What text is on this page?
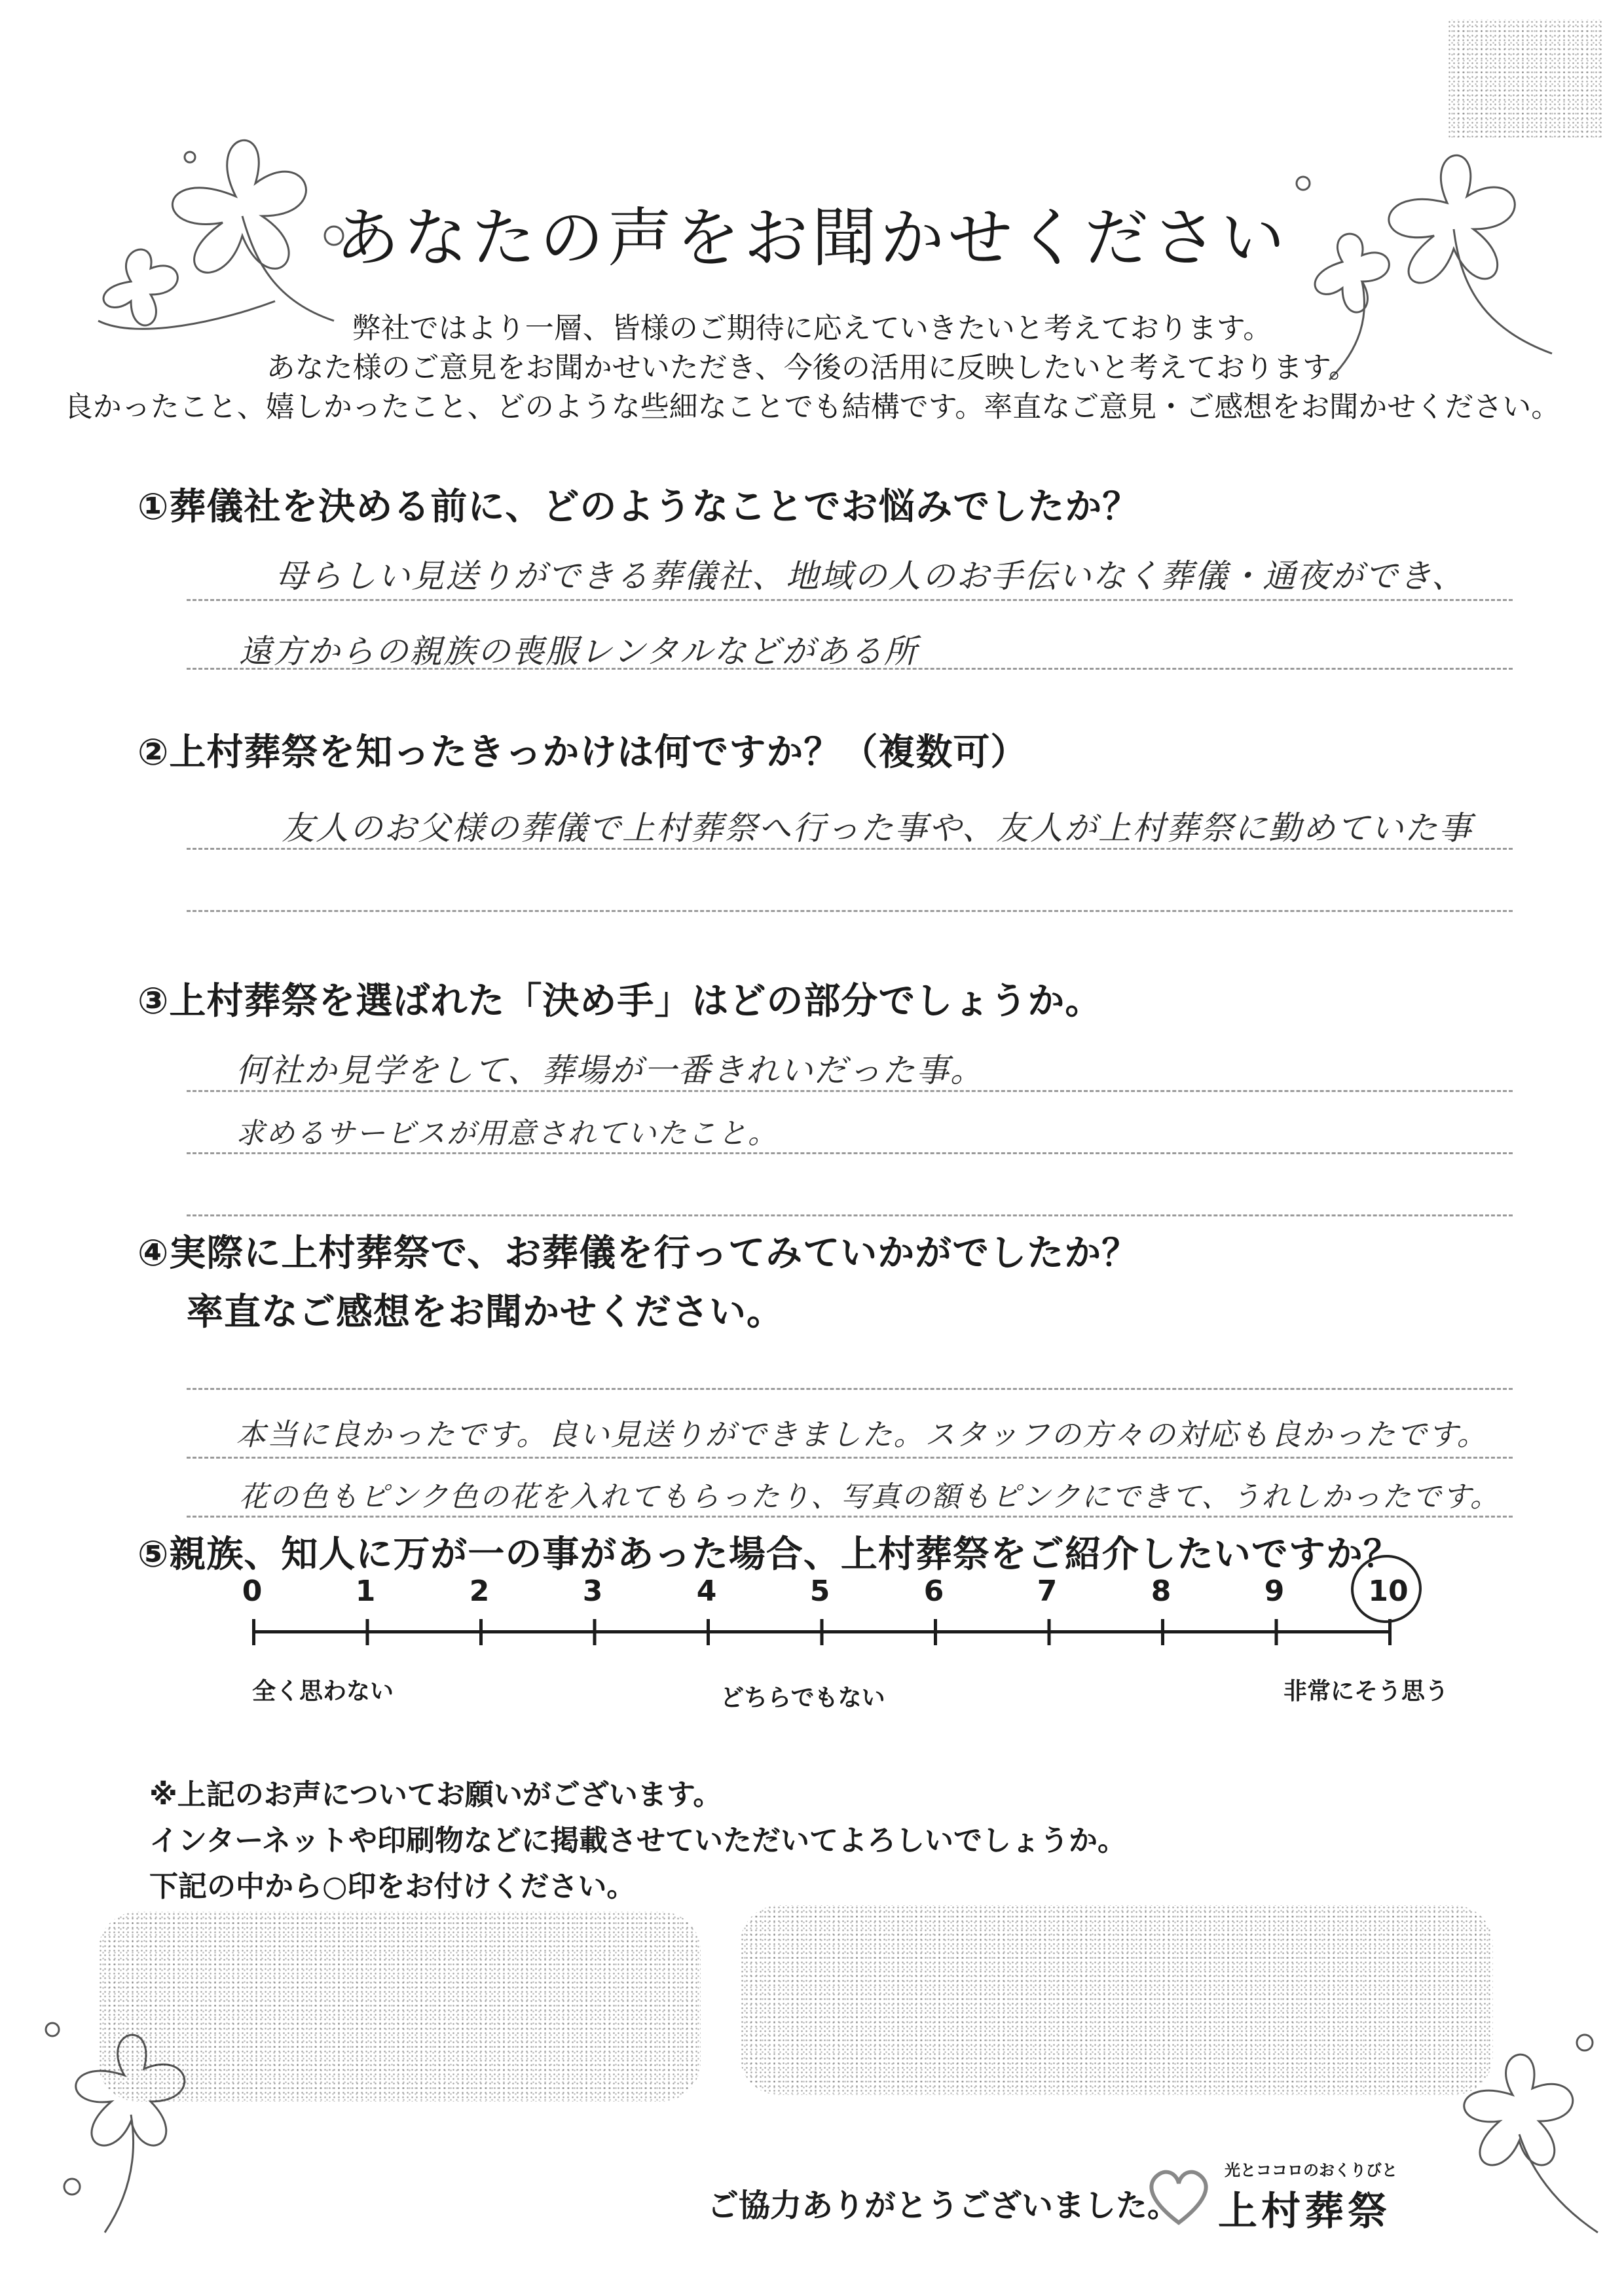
あなたの声をお聞かせください
弊社ではより一層、皆様のご期待に応えていきたいと考えております。
あなた様のご意見をお聞かせいただき、今後の活用に反映したいと考えております。
良かったこと、嬉しかったこと、どのような些細なことでも結構です。率直なご意見・ご感想をお聞かせください。
①葬儀社を決める前に、どのようなことでお悩みでしたか？
母らしい見送りができる葬儀社、地域の人のお手伝いなく葬儀・通夜ができ、
遠方からの親族の喪服レンタルなどがある所
②上村葬祭を知ったきっかけは何ですか？（複数可）
友人のお父様の葬儀で上村葬祭へ行った事や、友人が上村葬祭に勤めていた事
③上村葬祭を選ばれた「決め手」はどの部分でしょうか。
何社か見学をして、葬場が一番きれいだった事。
求めるサービスが用意されていたこと。
④実際に上村葬祭で、お葬儀を行ってみていかがでしたか？
率直なご感想をお聞かせください。
本当に良かったです。良い見送りができました。スタッフの方々の対応も良かったです。
花の色もピンク色の花を入れてもらったり、写真の額もピンクにできて、うれしかったです。
⑤親族、知人に万が一の事があった場合、上村葬祭をご紹介したいですか？
0	1	2	3	4	5	6	7	8	9	10
全く思わない	どちらでもない	非常にそう思う
※上記のお声についてお願いがございます。
インターネットや印刷物などに掲載させていただいてよろしいでしょうか。
下記の中から○印をお付けください。
ご協力ありがとうございました。
光とココロのおくりびと
上村葬祭
